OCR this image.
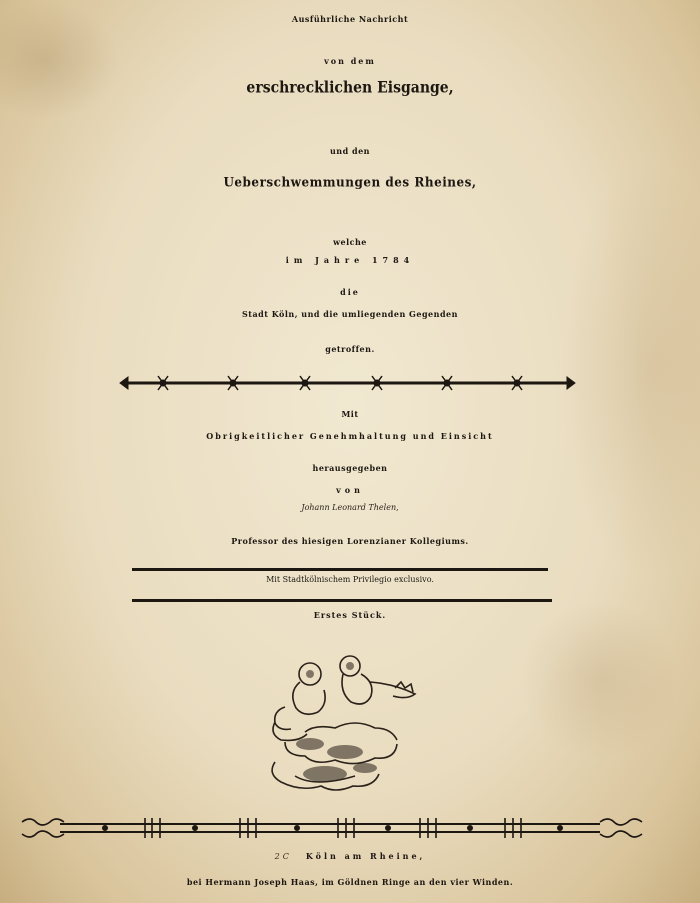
Ausführliche Nachricht
von dem
erschrecklichen Eisgange,
und den
Ueberschwemmungen des Rheines,
welche
im Jahre 1784
die
Stadt Köln, und die umliegenden Gegenden
getroffen.
Mit
Obrigkeitlicher Genehmhaltung und Einsicht
herausgegeben
von
Johann Leonard Thelen,
Professor des hiesigen Lorenzianer Kollegiums.
Mit Stadtkölnischem Privilegio exclusivo.
Erstes Stück.
2C Köln am Rheine,
bei Hermann Joseph Haas, im Göldnen Ringe an den vier Winden.
